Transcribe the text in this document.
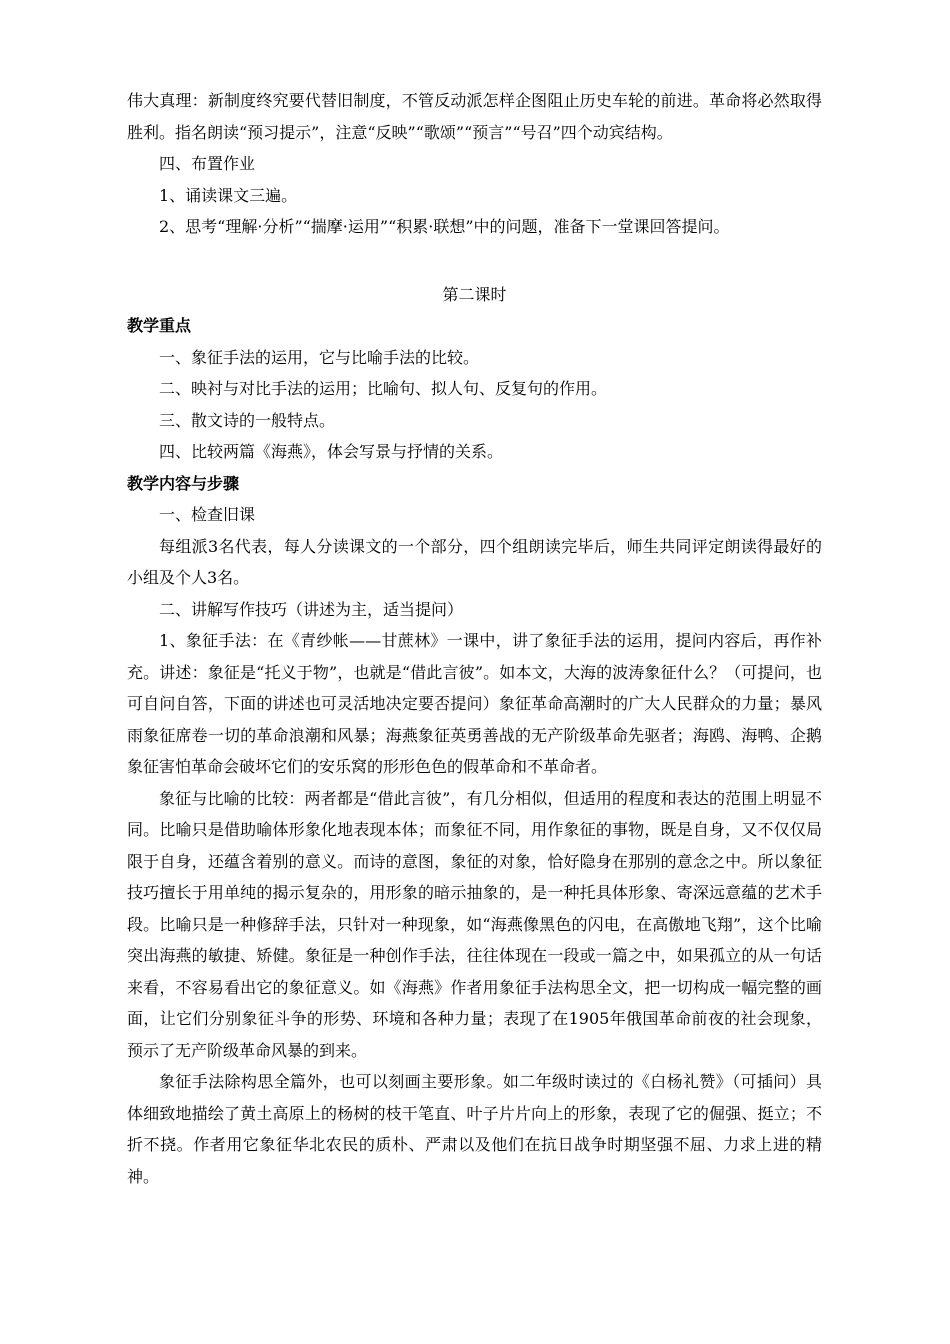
伟大真理：新制度终究要代替旧制度，不管反动派怎样企图阻止历史车轮的前进。革命将必然取得胜利。指名朗读“预习提示”，注意“反映”“歌颂”“预言”“号召”四个动宾结构。

四、布置作业

1、诵读课文三遍。

2、思考“理解·分析”“揣摩·运用”“积累·联想”中的问题，准备下一堂课回答提问。

第二课时

教学重点

一、象征手法的运用，它与比喻手法的比较。

二、映衬与对比手法的运用；比喻句、拟人句、反复句的作用。

三、散文诗的一般特点。

四、比较两篇《海燕》，体会写景与抒情的关系。

教学内容与步骤

一、检查旧课

每组派3名代表，每人分读课文的一个部分，四个组朗读完毕后，师生共同评定朗读得最好的小组及个人3名。

二、讲解写作技巧（讲述为主，适当提问）

1、象征手法：在《青纱帐——甘蔗林》一课中，讲了象征手法的运用，提问内容后，再作补充。讲述：象征是“托义于物”，也就是“借此言彼”。如本文，大海的波涛象征什么？（可提问，也可自问自答，下面的讲述也可灵活地决定要否提问）象征革命高潮时的广大人民群众的力量；暴风雨象征席卷一切的革命浪潮和风暴；海燕象征英勇善战的无产阶级革命先驱者；海鸥、海鸭、企鹅象征害怕革命会破坏它们的安乐窝的形形色色的假革命和不革命者。

象征与比喻的比较：两者都是“借此言彼”，有几分相似，但适用的程度和表达的范围上明显不同。比喻只是借助喻体形象化地表现本体；而象征不同，用作象征的事物，既是自身，又不仅仅局限于自身，还蕴含着别的意义。而诗的意图，象征的对象，恰好隐身在那别的意念之中。所以象征技巧擅长于用单纯的揭示复杂的，用形象的暗示抽象的，是一种托具体形象、寄深远意蕴的艺术手段。比喻只是一种修辞手法，只针对一种现象，如“海燕像黑色的闪电，在高傲地飞翔”，这个比喻突出海燕的敏捷、矫健。象征是一种创作手法，往往体现在一段或一篇之中，如果孤立的从一句话来看，不容易看出它的象征意义。如《海燕》作者用象征手法构思全文，把一切构成一幅完整的画面，让它们分别象征斗争的形势、环境和各种力量；表现了在1905年俄国革命前夜的社会现象，预示了无产阶级革命风暴的到来。

象征手法除构思全篇外，也可以刻画主要形象。如二年级时读过的《白杨礼赞》（可插问）具体细致地描绘了黄土高原上的杨树的枝干笔直、叶子片片向上的形象，表现了它的倔强、挺立；不折不挠。作者用它象征华北农民的质朴、严肃以及他们在抗日战争时期坚强不屈、力求上进的精神。
